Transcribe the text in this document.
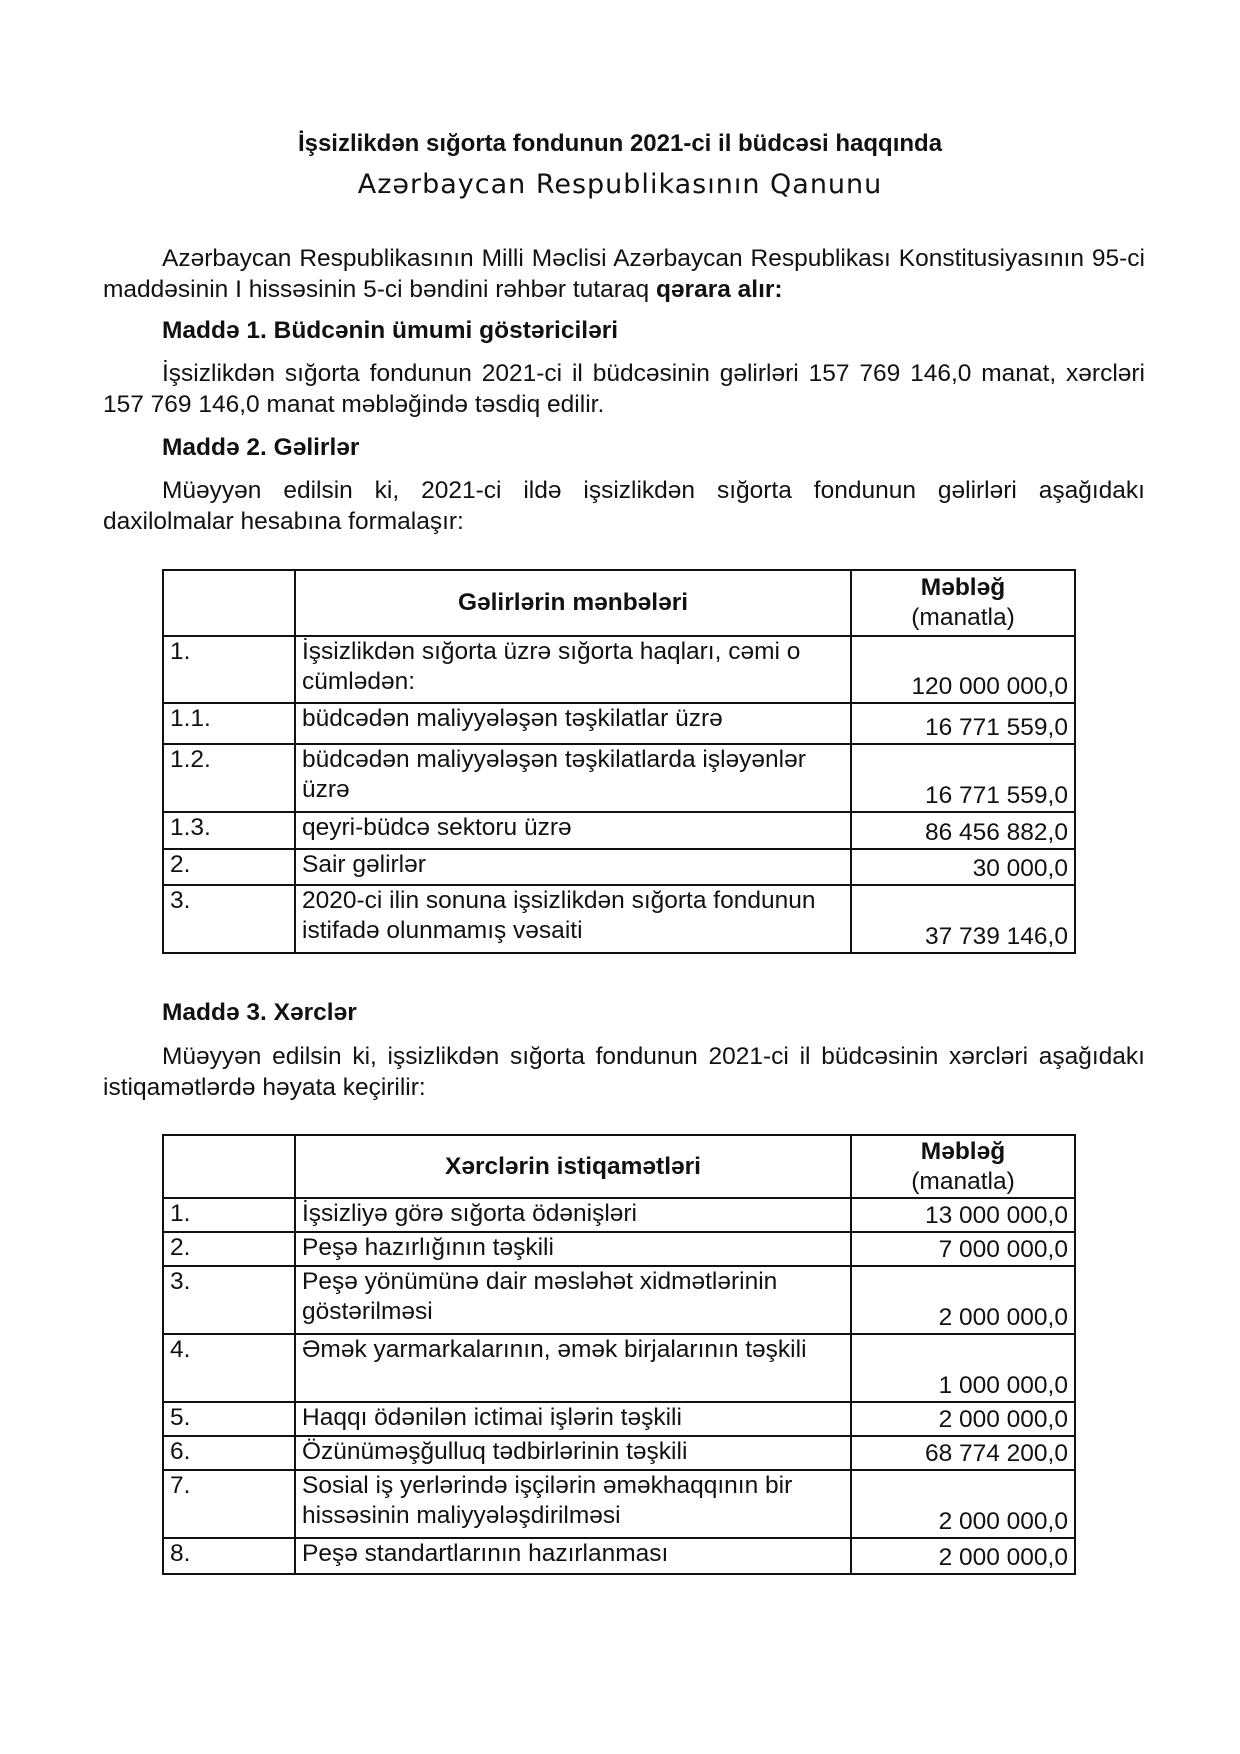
İşsizlikdən sığorta fondunun 2021-ci il büdcəsi haqqında
Azərbaycan Respublikasının Qanunu
Azərbaycan Respublikasının Milli Məclisi Azərbaycan Respublikası Konstitusiyasının 95-ci maddəsinin I hissəsinin 5-ci bəndini rəhbər tutaraq qərara alır:
Maddə 1. Büdcənin ümumi göstəriciləri
İşsizlikdən sığorta fondunun 2021-ci il büdcəsinin gəlirləri 157 769 146,0 manat, xərcləri 157 769 146,0 manat məbləğində təsdiq edilir.
Maddə 2. Gəlirlər
Müəyyən edilsin ki, 2021-ci ildə işsizlikdən sığorta fondunun gəlirləri aşağıdakı daxilolmalar hesabına formalaşır:
	Gəlirlərin mənbələri	Məbləğ
(manatla)

1.	İşsizlikdən sığorta üzrə sığorta haqları, cəmi o cümlədən:	120 000 000,0
1.1.	büdcədən maliyyələşən təşkilatlar üzrə	16 771 559,0
1.2.	büdcədən maliyyələşən təşkilatlarda işləyənlər üzrə	16 771 559,0
1.3.	qeyri-büdcə sektoru üzrə	86 456 882,0
2.	Sair gəlirlər	30 000,0
3.	2020-ci ilin sonuna işsizlikdən sığorta fondunun istifadə olunmamış vəsaiti	37 739 146,0
Maddə 3. Xərclər
Müəyyən edilsin ki, işsizlikdən sığorta fondunun 2021-ci il büdcəsinin xərcləri aşağıdakı istiqamətlərdə həyata keçirilir:
	Xərclərin istiqamətləri	Məbləğ
(manatla)

1.	İşsizliyə görə sığorta ödənişləri	13 000 000,0
2.	Peşə hazırlığının təşkili	7 000 000,0
3.	Peşə yönümünə dair məsləhət xidmətlərinin göstərilməsi	2 000 000,0
4.	Əmək yarmarkalarının, əmək birjalarının təşkili	1 000 000,0
5.	Haqqı ödənilən ictimai işlərin təşkili	2 000 000,0
6.	Özünüməşğulluq tədbirlərinin təşkili	68 774 200,0
7.	Sosial iş yerlərində işçilərin əməkhaqqının bir hissəsinin maliyyələşdirilməsi	2 000 000,0
8.	Peşə standartlarının hazırlanması	2 000 000,0
